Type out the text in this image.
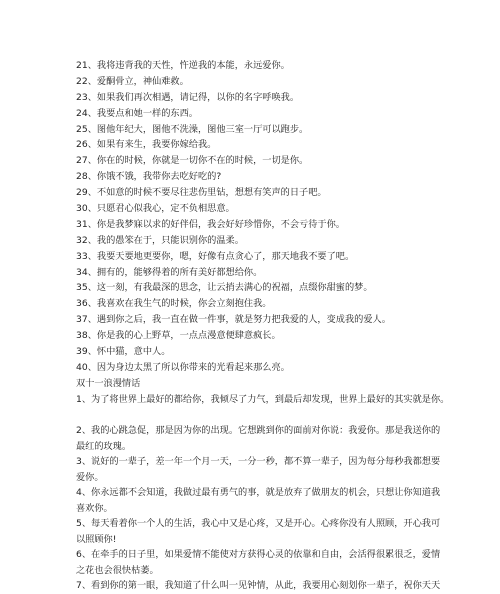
21、我将违背我的天性，忤逆我的本能，永远爱你。
22、爱酮骨立，神仙难救。
23、如果我们再次相遇，请记得，以你的名字呼唤我。
24、我要点和她一样的东西。
25、图他年纪大，图他不洗澡，图他三室一厅可以跑步。
26、如果有来生，我要你嫁给我。
27、你在的时候，你就是一切你不在的时候，一切是你。
28、你饿不饿，我带你去吃好吃的?
29、不如意的时候不要尽往悲伤里钻，想想有笑声的日子吧。
30、只愿君心似我心，定不负相思意。
31、你是我梦寐以求的好伴侣，我会好好珍惜你，不会亏待于你。
32、我的愚笨在于，只能识别你的温柔。
33、我要天要地更要你，嗯，好像有点贪心了，那天地我不要了吧。
34、拥有的，能够得着的所有美好都想给你。
35、这一刻，有我最深的思念，让云捎去满心的祝福，点缀你甜蜜的梦。
36、我喜欢在我生气的时候，你会立刻抱住我。
37、遇到你之后，我一直在做一件事，就是努力把我爱的人，变成我的爱人。
38、你是我的心上野草，一点点漫意便肆意疯长。
39、怀中猫，意中人。
40、因为身边太黑了所以你带来的光看起来那么亮。
双十一浪漫情话
1、为了将世界上最好的都给你，我倾尽了力气，到最后却发现，世界上最好的其实就是你。
2、我的心跳急促，那是因为你的出现。它想跳到你的面前对你说：我爱你。那是我送你的
最红的玫瑰。
3、说好的一辈子，差一年一个月一天，一分一秒，都不算一辈子，因为每分每秒我都想要
爱你。
4、你永远都不会知道，我做过最有勇气的事，就是放弃了做朋友的机会，只想让你知道我
喜欢你。
5、每天看着你一个人的生活，我心中又是心疼，又是开心。心疼你没有人照顾，开心我可
以照顾你!
6、在牵手的日子里，如果爱情不能使对方获得心灵的依靠和自由，会活得很累很乏，爱情
之花也会很快枯萎。
7、看到你的第一眼，我知道了什么叫一见钟情，从此，我要用心刻划你一辈子，祝你天天
